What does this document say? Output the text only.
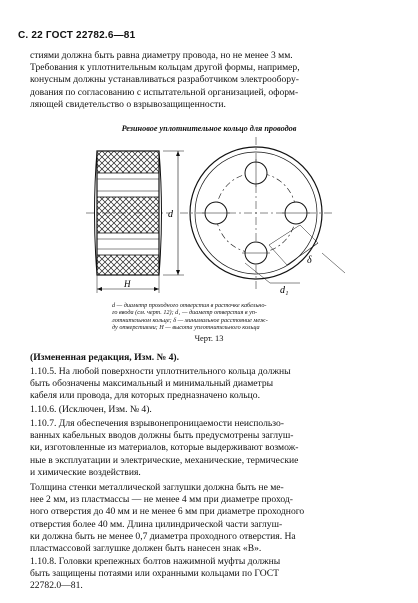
С. 22 ГОСТ 22782.6—81
стиями должна быть равна диаметру провода, но не менее 3 мм.
Требования к уплотнительным кольцам другой формы, например,
конусным должны устанавливаться разработчиком электрообору-
дования по согласованию с испытательной организацией, оформ-
ляющей свидетельство о взрывозащищенности.
Резиновое уплотнительное кольцо для проводов
H
d
δ
d₁
d — диаметр проходного отверстия в расточке кабельно-
го ввода (см. черт. 12); d₁ — диаметр отверстия в уп-
лотнительном кольце; δ — минимальное расстояние меж-
ду отверстиями; H — высота уплотнительного кольца
Черт. 13
(Измененная редакция, Изм. № 4).
1.10.5. На любой поверхности уплотнительного кольца должны
быть обозначены максимальный и минимальный диаметры
кабеля или провода, для которых предназначено кольцо.
1.10.6. (Исключен, Изм. № 4).
1.10.7. Для обеспечения взрывонепроницаемости неиспользо-
ванных кабельных вводов должны быть предусмотрены заглуш-
ки, изготовленные из материалов, которые выдерживают возмож-
ные в эксплуатации и электрические, механические, термические
и химические воздействия.
Толщина стенки металлической заглушки должна быть не ме-
нее 2 мм, из пластмассы — не менее 4 мм при диаметре проход-
ного отверстия до 40 мм и не менее 6 мм при диаметре проходного
отверстия более 40 мм. Длина цилиндрической части заглуш-
ки должна быть не менее 0,7 диаметра проходного отверстия. На
пластмассовой заглушке должен быть нанесен знак «В».
1.10.8. Головки крепежных болтов нажимной муфты должны
быть защищены потаями или охранными кольцами по ГОСТ
22782.0—81.
